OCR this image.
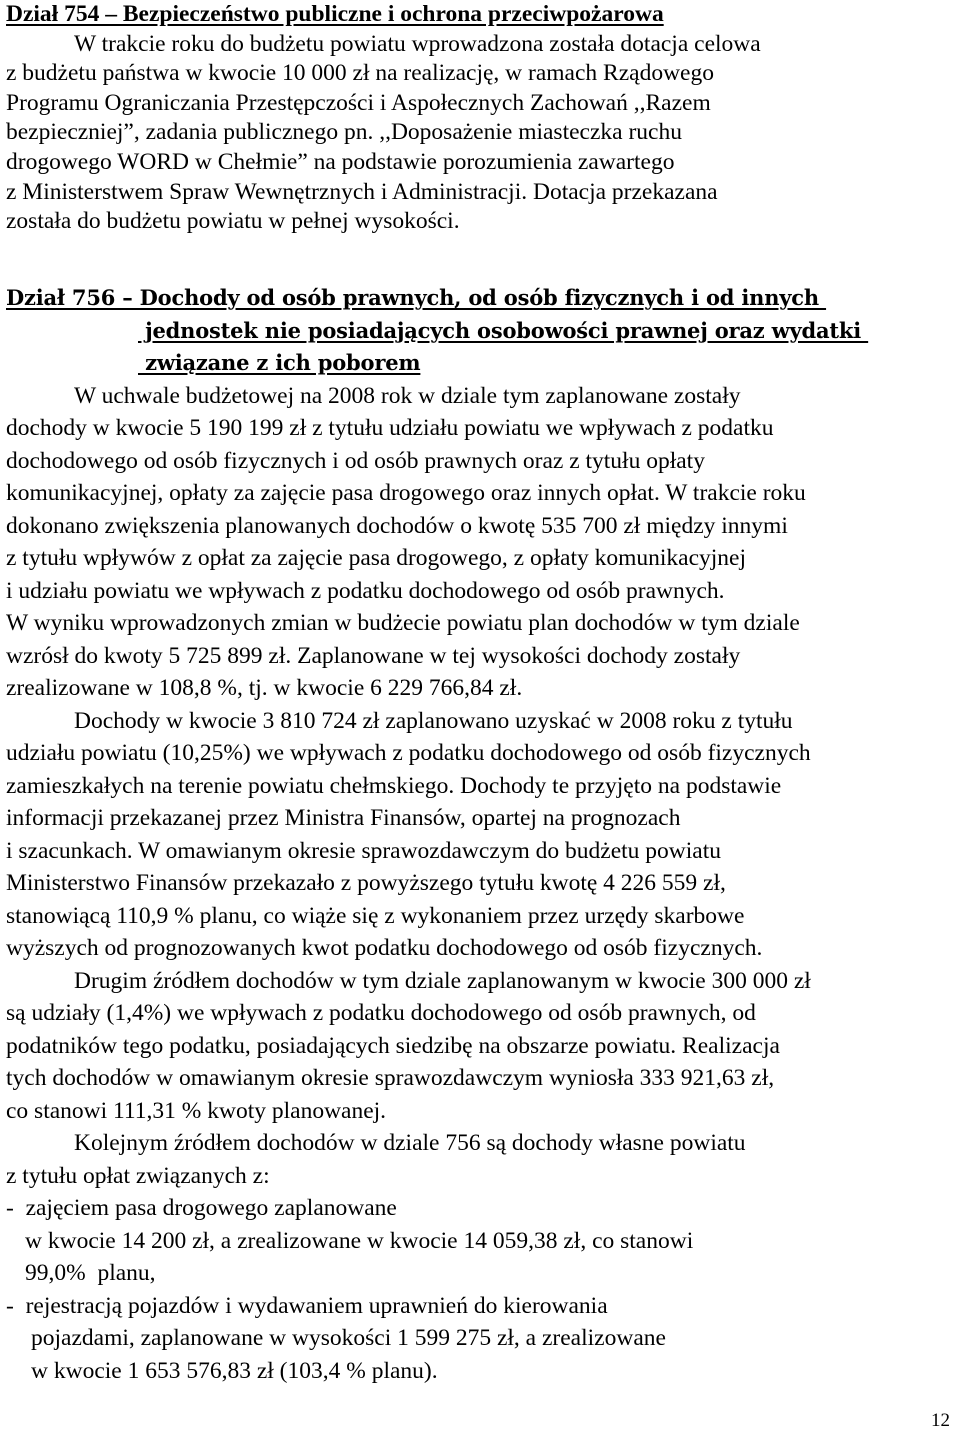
Dział 754 – Bezpieczeństwo publiczne i ochrona przeciwpożarowa
W trakcie roku do budżetu powiatu wprowadzona została dotacja celowa
z budżetu państwa w kwocie 10 000 zł na realizację, w ramach Rządowego
Programu Ograniczania Przestępczości i Aspołecznych Zachowań ,,Razem
bezpieczniej”, zadania publicznego pn. ,,Doposażenie miasteczka ruchu
drogowego WORD w Chełmie” na podstawie porozumienia zawartego
z Ministerstwem Spraw Wewnętrznych i Administracji. Dotacja przekazana
została do budżetu powiatu w pełnej wysokości.
Dział 756 – Dochody od osób prawnych, od osób fizycznych i od innych
jednostek nie posiadających osobowości prawnej oraz wydatki
związane z ich poborem
W uchwale budżetowej na 2008 rok w dziale tym zaplanowane zostały
dochody w kwocie 5 190 199 zł z tytułu udziału powiatu we wpływach z podatku
dochodowego od osób fizycznych i od osób prawnych oraz z tytułu opłaty
komunikacyjnej, opłaty za zajęcie pasa drogowego oraz innych opłat. W trakcie roku
dokonano zwiększenia planowanych dochodów o kwotę 535 700 zł między innymi
z tytułu wpływów z opłat za zajęcie pasa drogowego, z opłaty komunikacyjnej
i udziału powiatu we wpływach z podatku dochodowego od osób prawnych.
W wyniku wprowadzonych zmian w budżecie powiatu plan dochodów w tym dziale
wzrósł do kwoty 5 725 899 zł. Zaplanowane w tej wysokości dochody zostały
zrealizowane w 108,8 %, tj. w kwocie 6 229 766,84 zł.
Dochody w kwocie 3 810 724 zł zaplanowano uzyskać w 2008 roku z tytułu
udziału powiatu (10,25%) we wpływach z podatku dochodowego od osób fizycznych
zamieszkałych na terenie powiatu chełmskiego. Dochody te przyjęto na podstawie
informacji przekazanej przez Ministra Finansów, opartej na prognozach
i szacunkach. W omawianym okresie sprawozdawczym do budżetu powiatu
Ministerstwo Finansów przekazało z powyższego tytułu kwotę 4 226 559 zł,
stanowiącą 110,9 % planu, co wiąże się z wykonaniem przez urzędy skarbowe
wyższych od prognozowanych kwot podatku dochodowego od osób fizycznych.
Drugim źródłem dochodów w tym dziale zaplanowanym w kwocie 300 000 zł
są udziały (1,4%) we wpływach z podatku dochodowego od osób prawnych, od
podatników tego podatku, posiadających siedzibę na obszarze powiatu. Realizacja
tych dochodów w omawianym okresie sprawozdawczym wyniosła 333 921,63 zł,
co stanowi 111,31 % kwoty planowanej.
Kolejnym źródłem dochodów w dziale 756 są dochody własne powiatu
z tytułu opłat związanych z:
-  zajęciem pasa drogowego zaplanowane
w kwocie 14 200 zł, a zrealizowane w kwocie 14 059,38 zł, co stanowi
99,0%  planu,
-  rejestracją pojazdów i wydawaniem uprawnień do kierowania
pojazdami, zaplanowane w wysokości 1 599 275 zł, a zrealizowane
w kwocie 1 653 576,83 zł (103,4 % planu).
12
